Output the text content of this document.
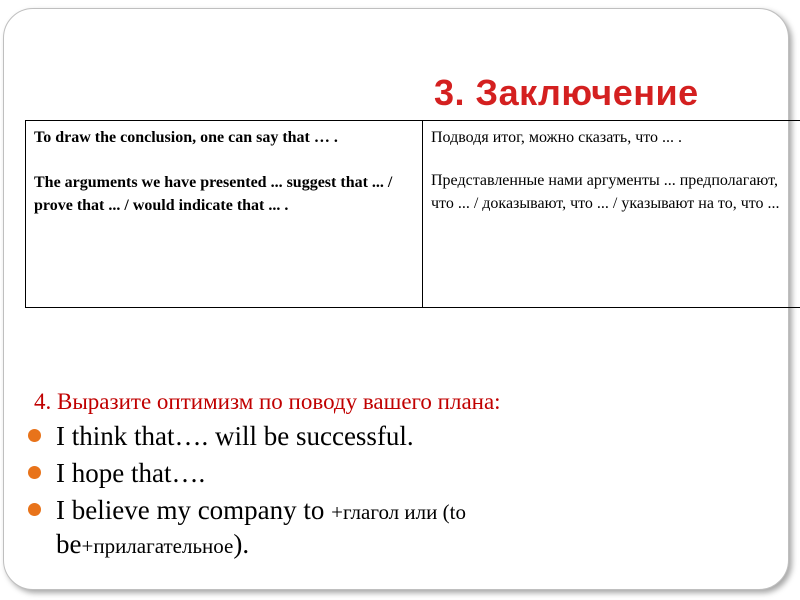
3. Заключение

To draw the conclusion, one can say that … .

The arguments we have presented ... suggest that ... / prove that ... / would indicate that ... .

Подводя итог, можно сказать, что ... .

Представленные нами аргументы ... предполагают, что ... / доказывают, что ... / указывают на то, что ...

4. Выразите оптимизм по поводу вашего плана:

I think that…. will be successful.
I hope that….
I believe my company to +глагол или (to
be+прилагательное).
